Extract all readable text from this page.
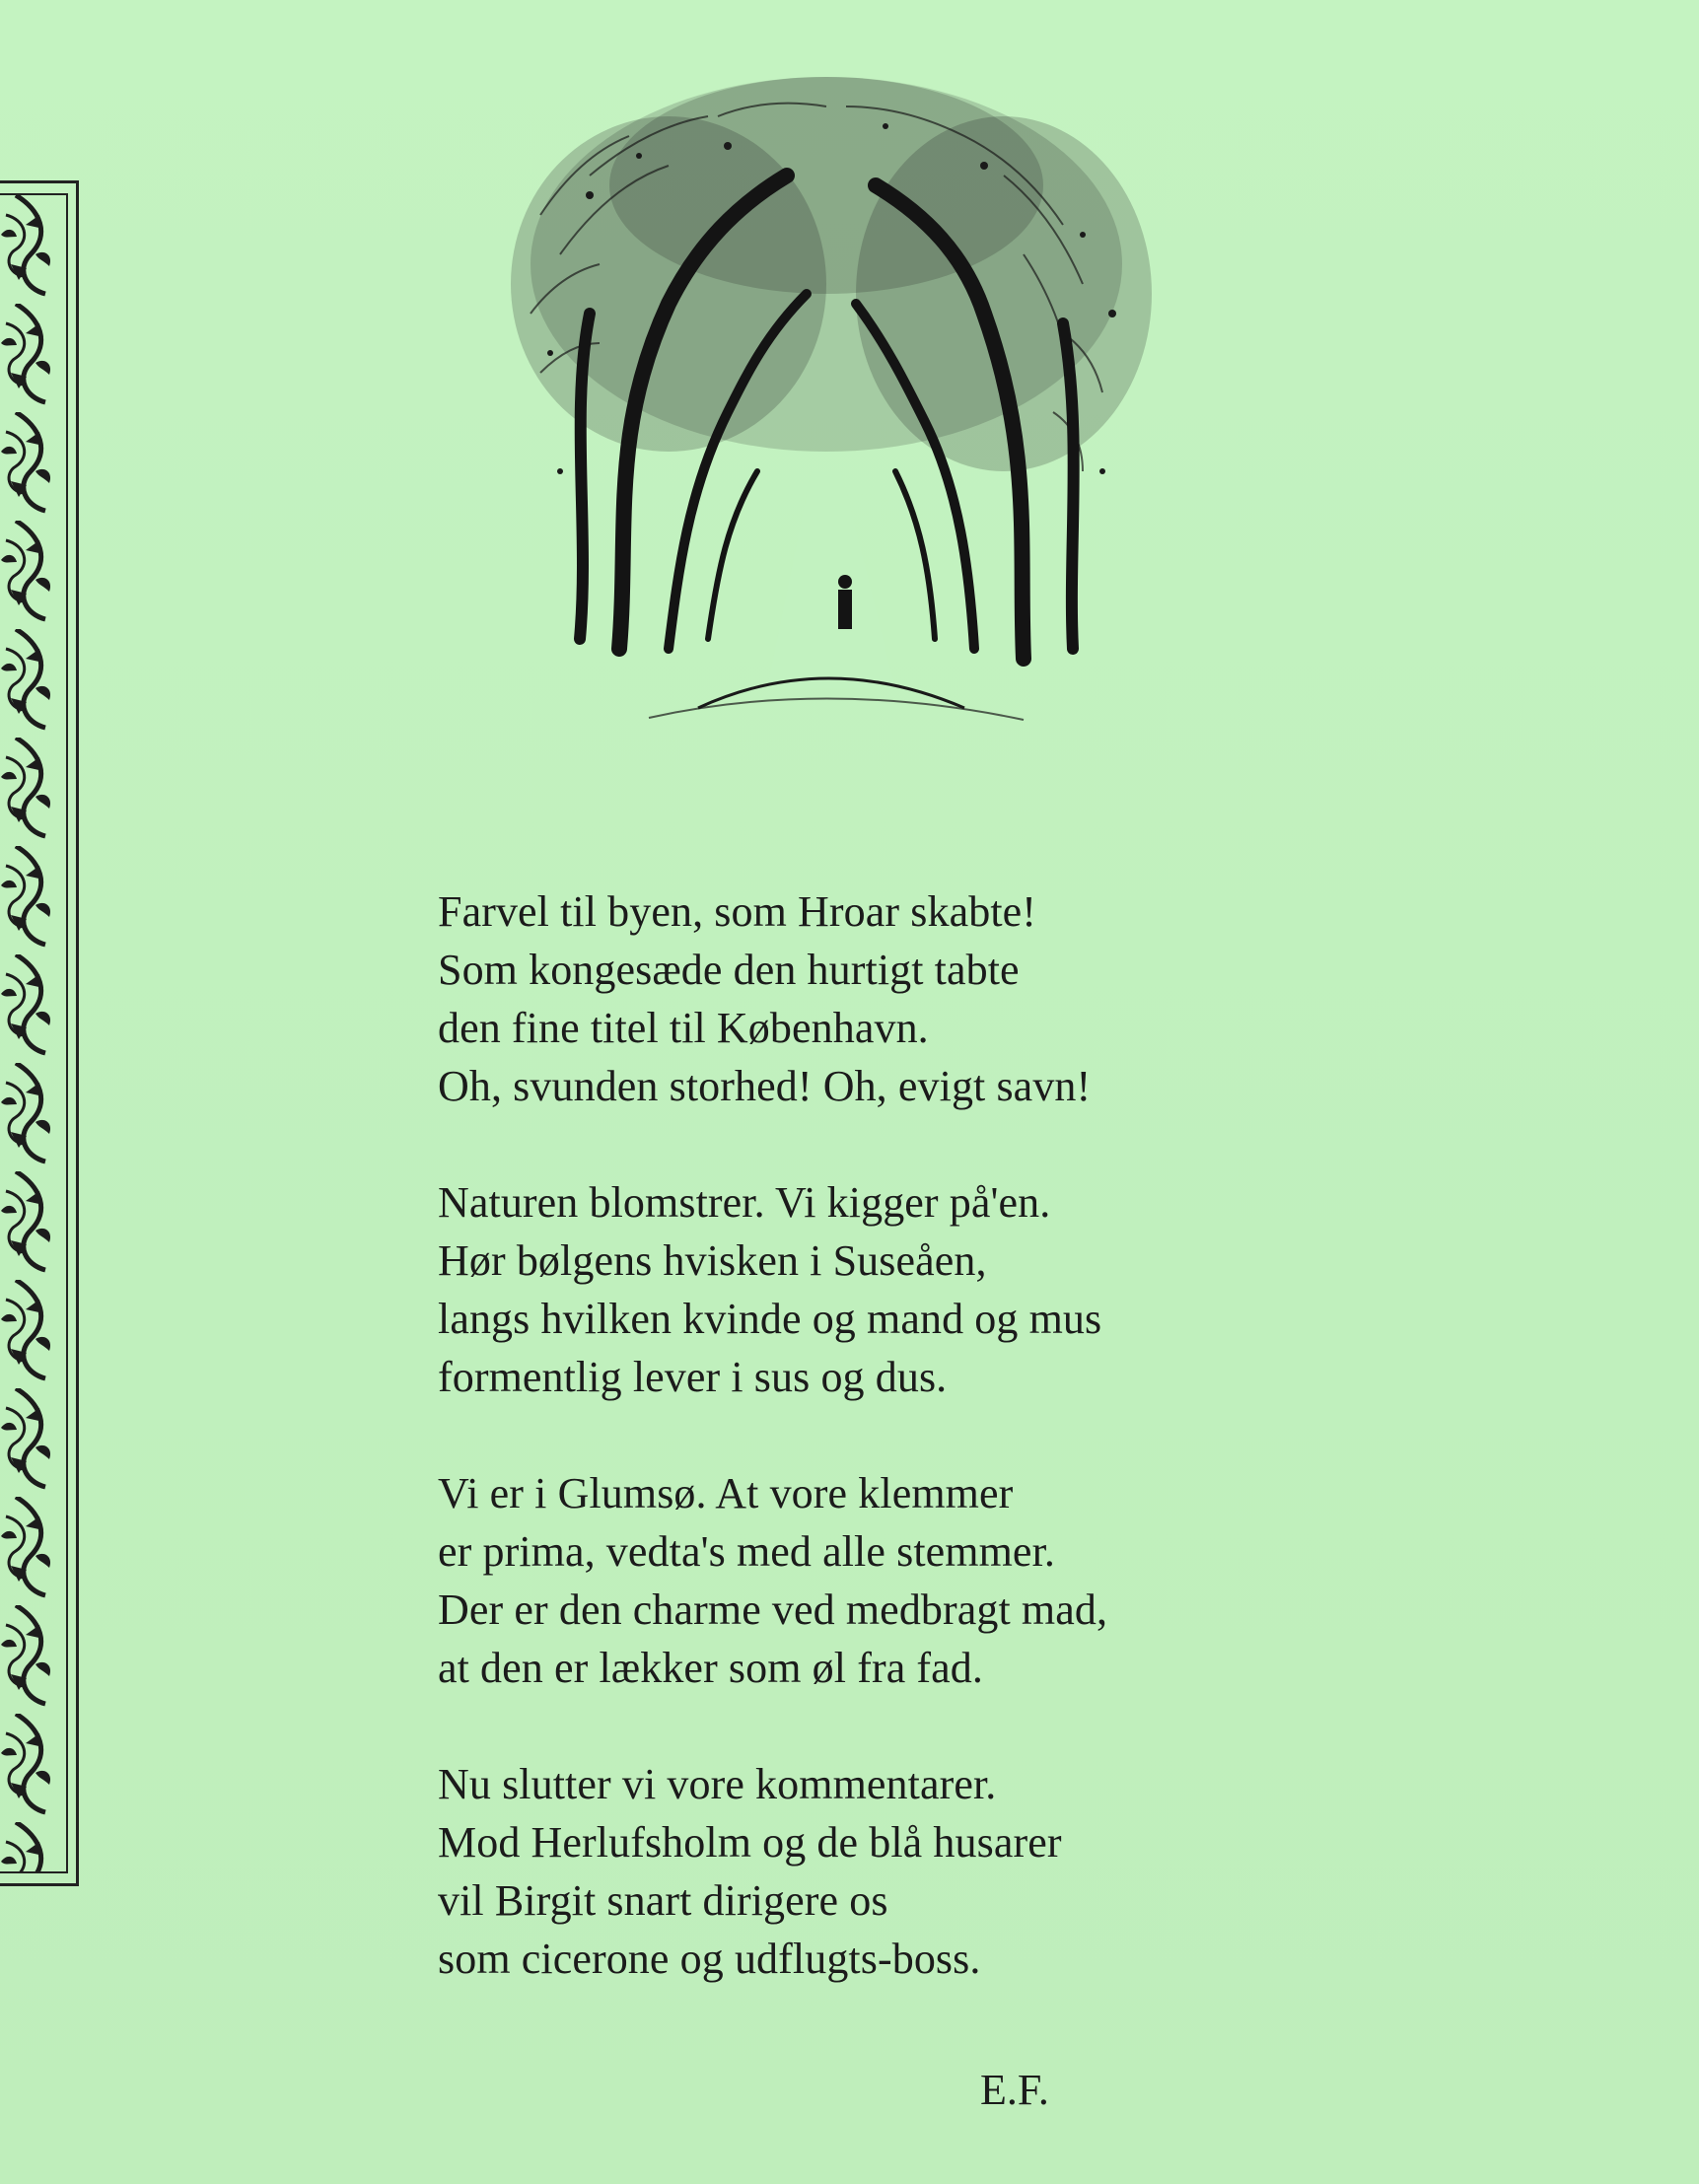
Farvel til byen, som Hroar skabte!
Som kongesæde den hurtigt tabte
den fine titel til København.
Oh, svunden storhed! Oh, evigt savn!
Naturen blomstrer. Vi kigger på'en.
Hør bølgens hvisken i Suseåen,
langs hvilken kvinde og mand og mus
formentlig lever i sus og dus.
Vi er i Glumsø. At vore klemmer
er prima, vedta's med alle stemmer.
Der er den charme ved medbragt mad,
at den er lækker som øl fra fad.
Nu slutter vi vore kommentarer.
Mod Herlufsholm og de blå husarer
vil Birgit snart dirigere os
som cicerone og udflugts-boss.
E.F.
